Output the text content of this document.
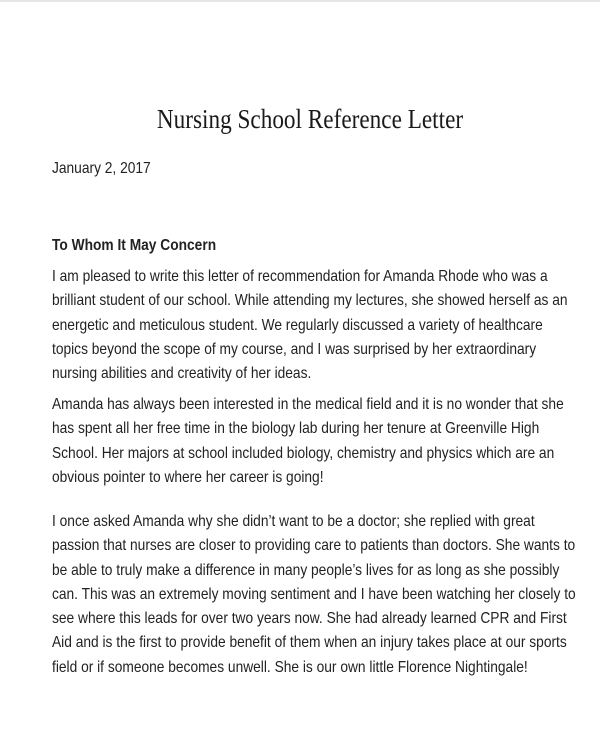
Nursing School Reference Letter
January 2, 2017
To Whom It May Concern

I am pleased to write this letter of recommendation for Amanda Rhode who was a brilliant student of our school. While attending my lectures, she showed herself as an energetic and meticulous student. We regularly discussed a variety of healthcare topics beyond the scope of my course, and I was surprised by her extraordinary nursing abilities and creativity of her ideas.

Amanda has always been interested in the medical field and it is no wonder that she has spent all her free time in the biology lab during her tenure at Greenville High School. Her majors at school included biology, chemistry and physics which are an obvious pointer to where her career is going!

I once asked Amanda why she didn’t want to be a doctor; she replied with great passion that nurses are closer to providing care to patients than doctors. She wants to be able to truly make a difference in many people’s lives for as long as she possibly can. This was an extremely moving sentiment and I have been watching her closely to see where this leads for over two years now. She had already learned CPR and First Aid and is the first to provide benefit of them when an injury takes place at our sports field or if someone becomes unwell. She is our own little Florence Nightingale!
